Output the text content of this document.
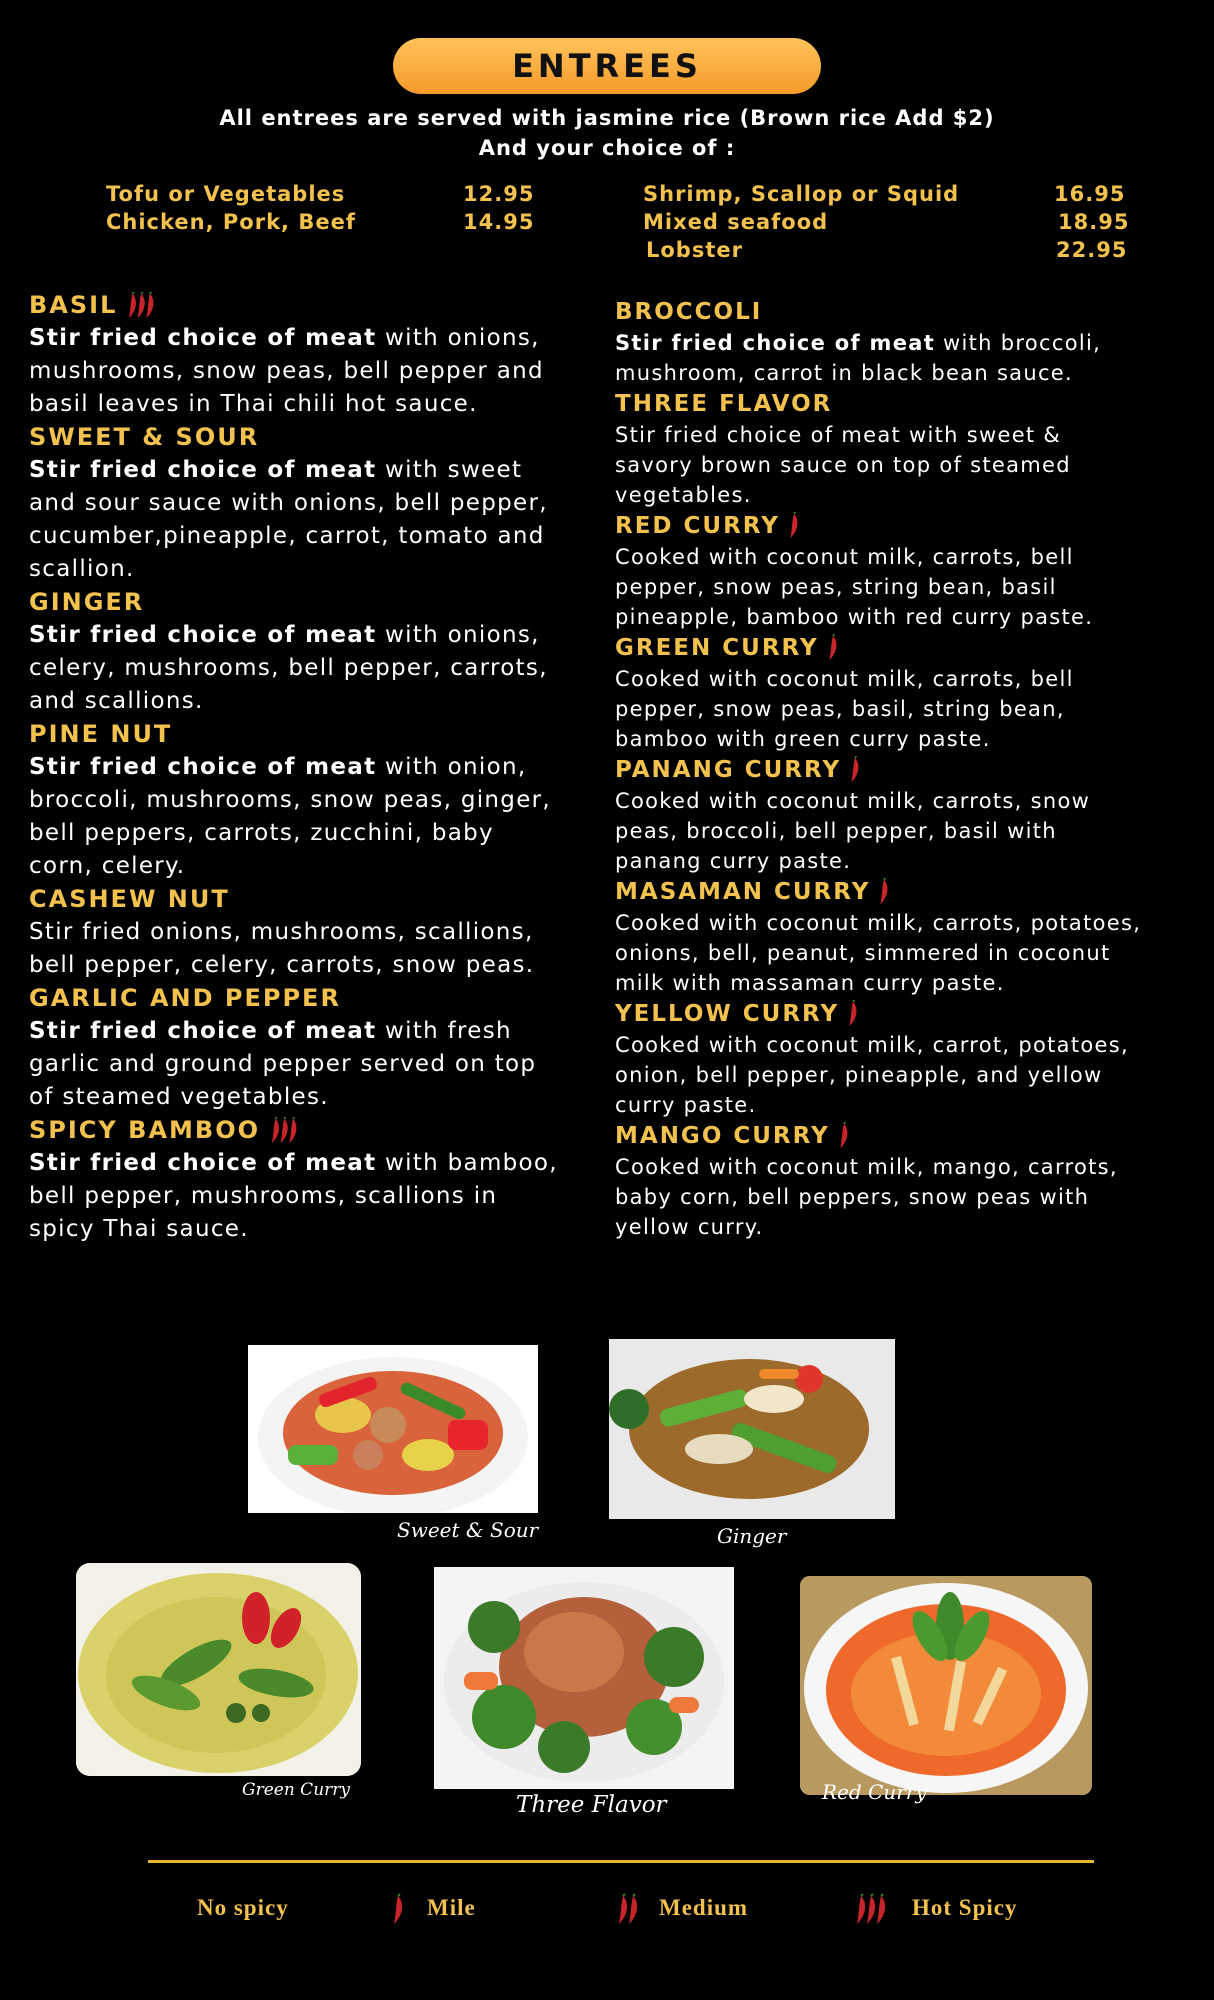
ENTREES
All entrees are served with jasmine rice (Brown rice Add $2)
And your choice of :
Tofu or Vegetables	12.95
Chicken, Pork, Beef	14.95
Shrimp, Scallop or Squid	16.95
Mixed seafood	18.95
Lobster	22.95
BASIL
Stir fried choice of meat with onions, mushrooms, snow peas, bell pepper and basil leaves in Thai chili hot sauce.
SWEET & SOUR
Stir fried choice of meat with sweet and sour sauce with onions, bell pepper, cucumber,pineapple, carrot, tomato and scallion.
GINGER
Stir fried choice of meat with onions, celery, mushrooms, bell pepper, carrots, and scallions.
PINE NUT
Stir fried choice of meat with onion, broccoli, mushrooms, snow peas, ginger, bell peppers, carrots, zucchini, baby corn, celery.
CASHEW NUT
Stir fried onions, mushrooms, scallions, bell pepper, celery, carrots, snow peas.
GARLIC AND PEPPER
Stir fried choice of meat with fresh garlic and ground pepper served on top of steamed vegetables.
SPICY BAMBOO
Stir fried choice of meat with bamboo, bell pepper, mushrooms, scallions in spicy Thai sauce.
BROCCOLI
Stir fried choice of meat with broccoli, mushroom, carrot in black bean sauce.
THREE FLAVOR
Stir fried choice of meat with sweet & savory brown sauce on top of steamed vegetables.
RED CURRY
Cooked with coconut milk, carrots, bell pepper, snow peas, string bean, basil pineapple, bamboo with red curry paste.
GREEN CURRY
Cooked with coconut milk, carrots, bell pepper, snow peas, basil, string bean, bamboo with green curry paste.
PANANG CURRY
Cooked with coconut milk, carrots, snow peas, broccoli, bell pepper, basil with panang curry paste.
MASAMAN CURRY
Cooked with coconut milk, carrots, potatoes, onions, bell, peanut, simmered in coconut milk with massaman curry paste.
YELLOW CURRY
Cooked with coconut milk, carrot, potatoes, onion, bell pepper, pineapple, and yellow curry paste.
MANGO CURRY
Cooked with coconut milk, mango, carrots, baby corn, bell peppers, snow peas with yellow curry.
Sweet & Sour	Ginger
Green Curry
Three Flavor	Red Curry
No spicy	Mile	Medium	Hot Spicy
